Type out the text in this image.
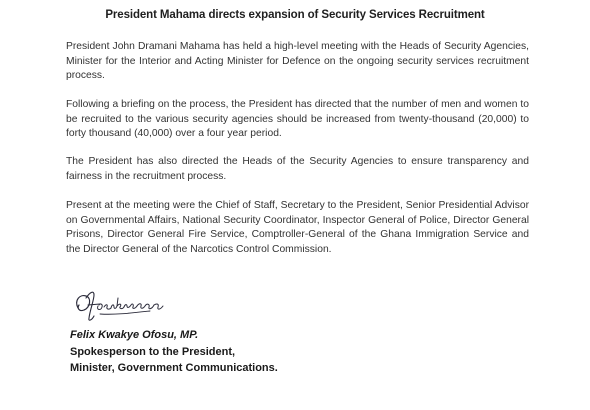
President Mahama directs expansion of Security Services Recruitment

President John Dramani Mahama has held a high-level meeting with the Heads of Security Agencies, Minister for the Interior and Acting Minister for Defence on the ongoing security services recruitment process.

Following a briefing on the process, the President has directed that the number of men and women to be recruited to the various security agencies should be increased from twenty-thousand (20,000) to forty thousand (40,000) over a four year period.

The President has also directed the Heads of the Security Agencies to ensure transparency and fairness in the recruitment process.

Present at the meeting were the Chief of Staff, Secretary to the President, Senior Presidential Advisor on Governmental Affairs, National Security Coordinator, Inspector General of Police, Director General Prisons, Director General Fire Service, Comptroller-General of the Ghana Immigration Service and the Director General of the Narcotics Control Commission.

Felix Kwakye Ofosu, MP.
Spokesperson to the President,
Minister, Government Communications.
